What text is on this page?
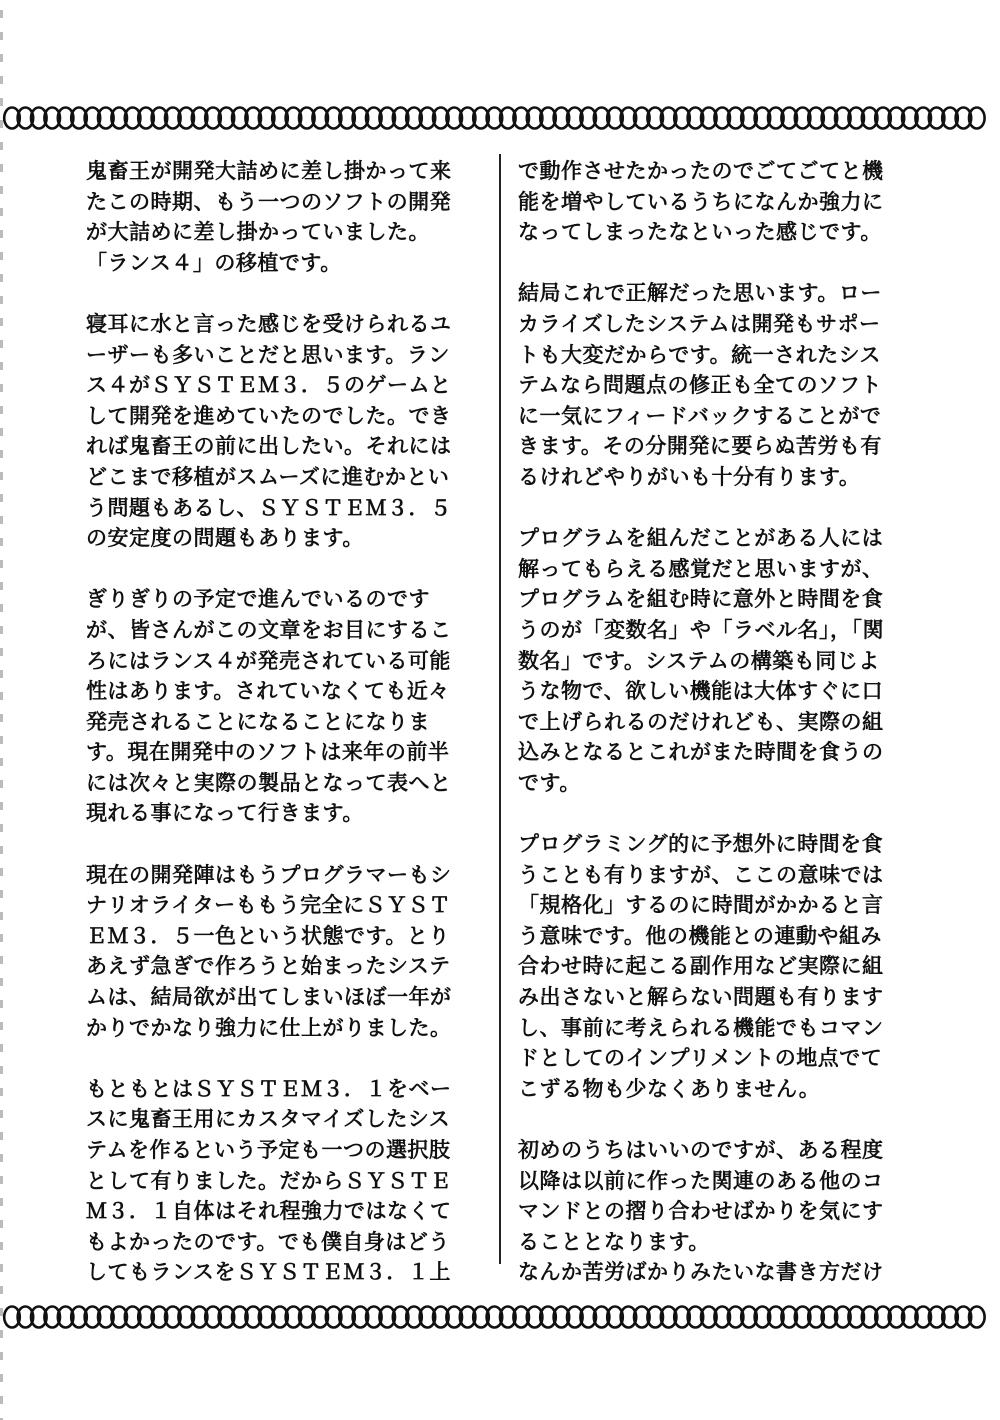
鬼畜王が開発大詰めに差し掛かって来
たこの時期、もう一つのソフトの開発
が大詰めに差し掛かっていました。
「ランス４」の移植です。

寝耳に水と言った感じを受けられるユ
ーザーも多いことだと思います。ラン
ス４がＳＹＳＴＥＭ３．５のゲームと
して開発を進めていたのでした。でき
れば鬼畜王の前に出したい。それには
どこまで移植がスムーズに進むかとい
う問題もあるし、ＳＹＳＴＥＭ３．５
の安定度の問題もあります。

ぎりぎりの予定で進んでいるのです
が、皆さんがこの文章をお目にするこ
ろにはランス４が発売されている可能
性はあります。されていなくても近々
発売されることになることになりま
す。現在開発中のソフトは来年の前半
には次々と実際の製品となって表へと
現れる事になって行きます。

現在の開発陣はもうプログラマーもシ
ナリオライターももう完全にＳＹＳＴ
ＥＭ３．５一色という状態です。とり
あえず急ぎで作ろうと始まったシステ
ムは、結局欲が出てしまいほぼ一年が
かりでかなり強力に仕上がりました。

もともとはＳＹＳＴＥＭ３．１をベー
スに鬼畜王用にカスタマイズしたシス
テムを作るという予定も一つの選択肢
として有りました。だからＳＹＳＴＥ
Ｍ３．１自体はそれ程強力ではなくて
もよかったのです。でも僕自身はどう
してもランスをＳＹＳＴＥＭ３．１上

で動作させたかったのでごてごてと機
能を増やしているうちになんか強力に
なってしまったなといった感じです。

結局これで正解だった思います。ロー
カライズしたシステムは開発もサポー
トも大変だからです。統一されたシス
テムなら問題点の修正も全てのソフト
に一気にフィードバックすることがで
きます。その分開発に要らぬ苦労も有
るけれどやりがいも十分有ります。

プログラムを組んだことがある人には
解ってもらえる感覚だと思いますが、
プログラムを組む時に意外と時間を食
うのが「変数名」や「ラベル名」，「関
数名」です。システムの構築も同じよ
うな物で、欲しい機能は大体すぐに口
で上げられるのだけれども、実際の組
込みとなるとこれがまた時間を食うの
です。

プログラミング的に予想外に時間を食
うことも有りますが、ここの意味では
「規格化」するのに時間がかかると言
う意味です。他の機能との連動や組み
合わせ時に起こる副作用など実際に組
み出さないと解らない問題も有ります
し、事前に考えられる機能でもコマン
ドとしてのインプリメントの地点でて
こずる物も少なくありません。

初めのうちはいいのですが、ある程度
以降は以前に作った関連のある他のコ
マンドとの摺り合わせばかりを気にす
ることとなります。

なんか苦労ばかりみたいな書き方だけ
